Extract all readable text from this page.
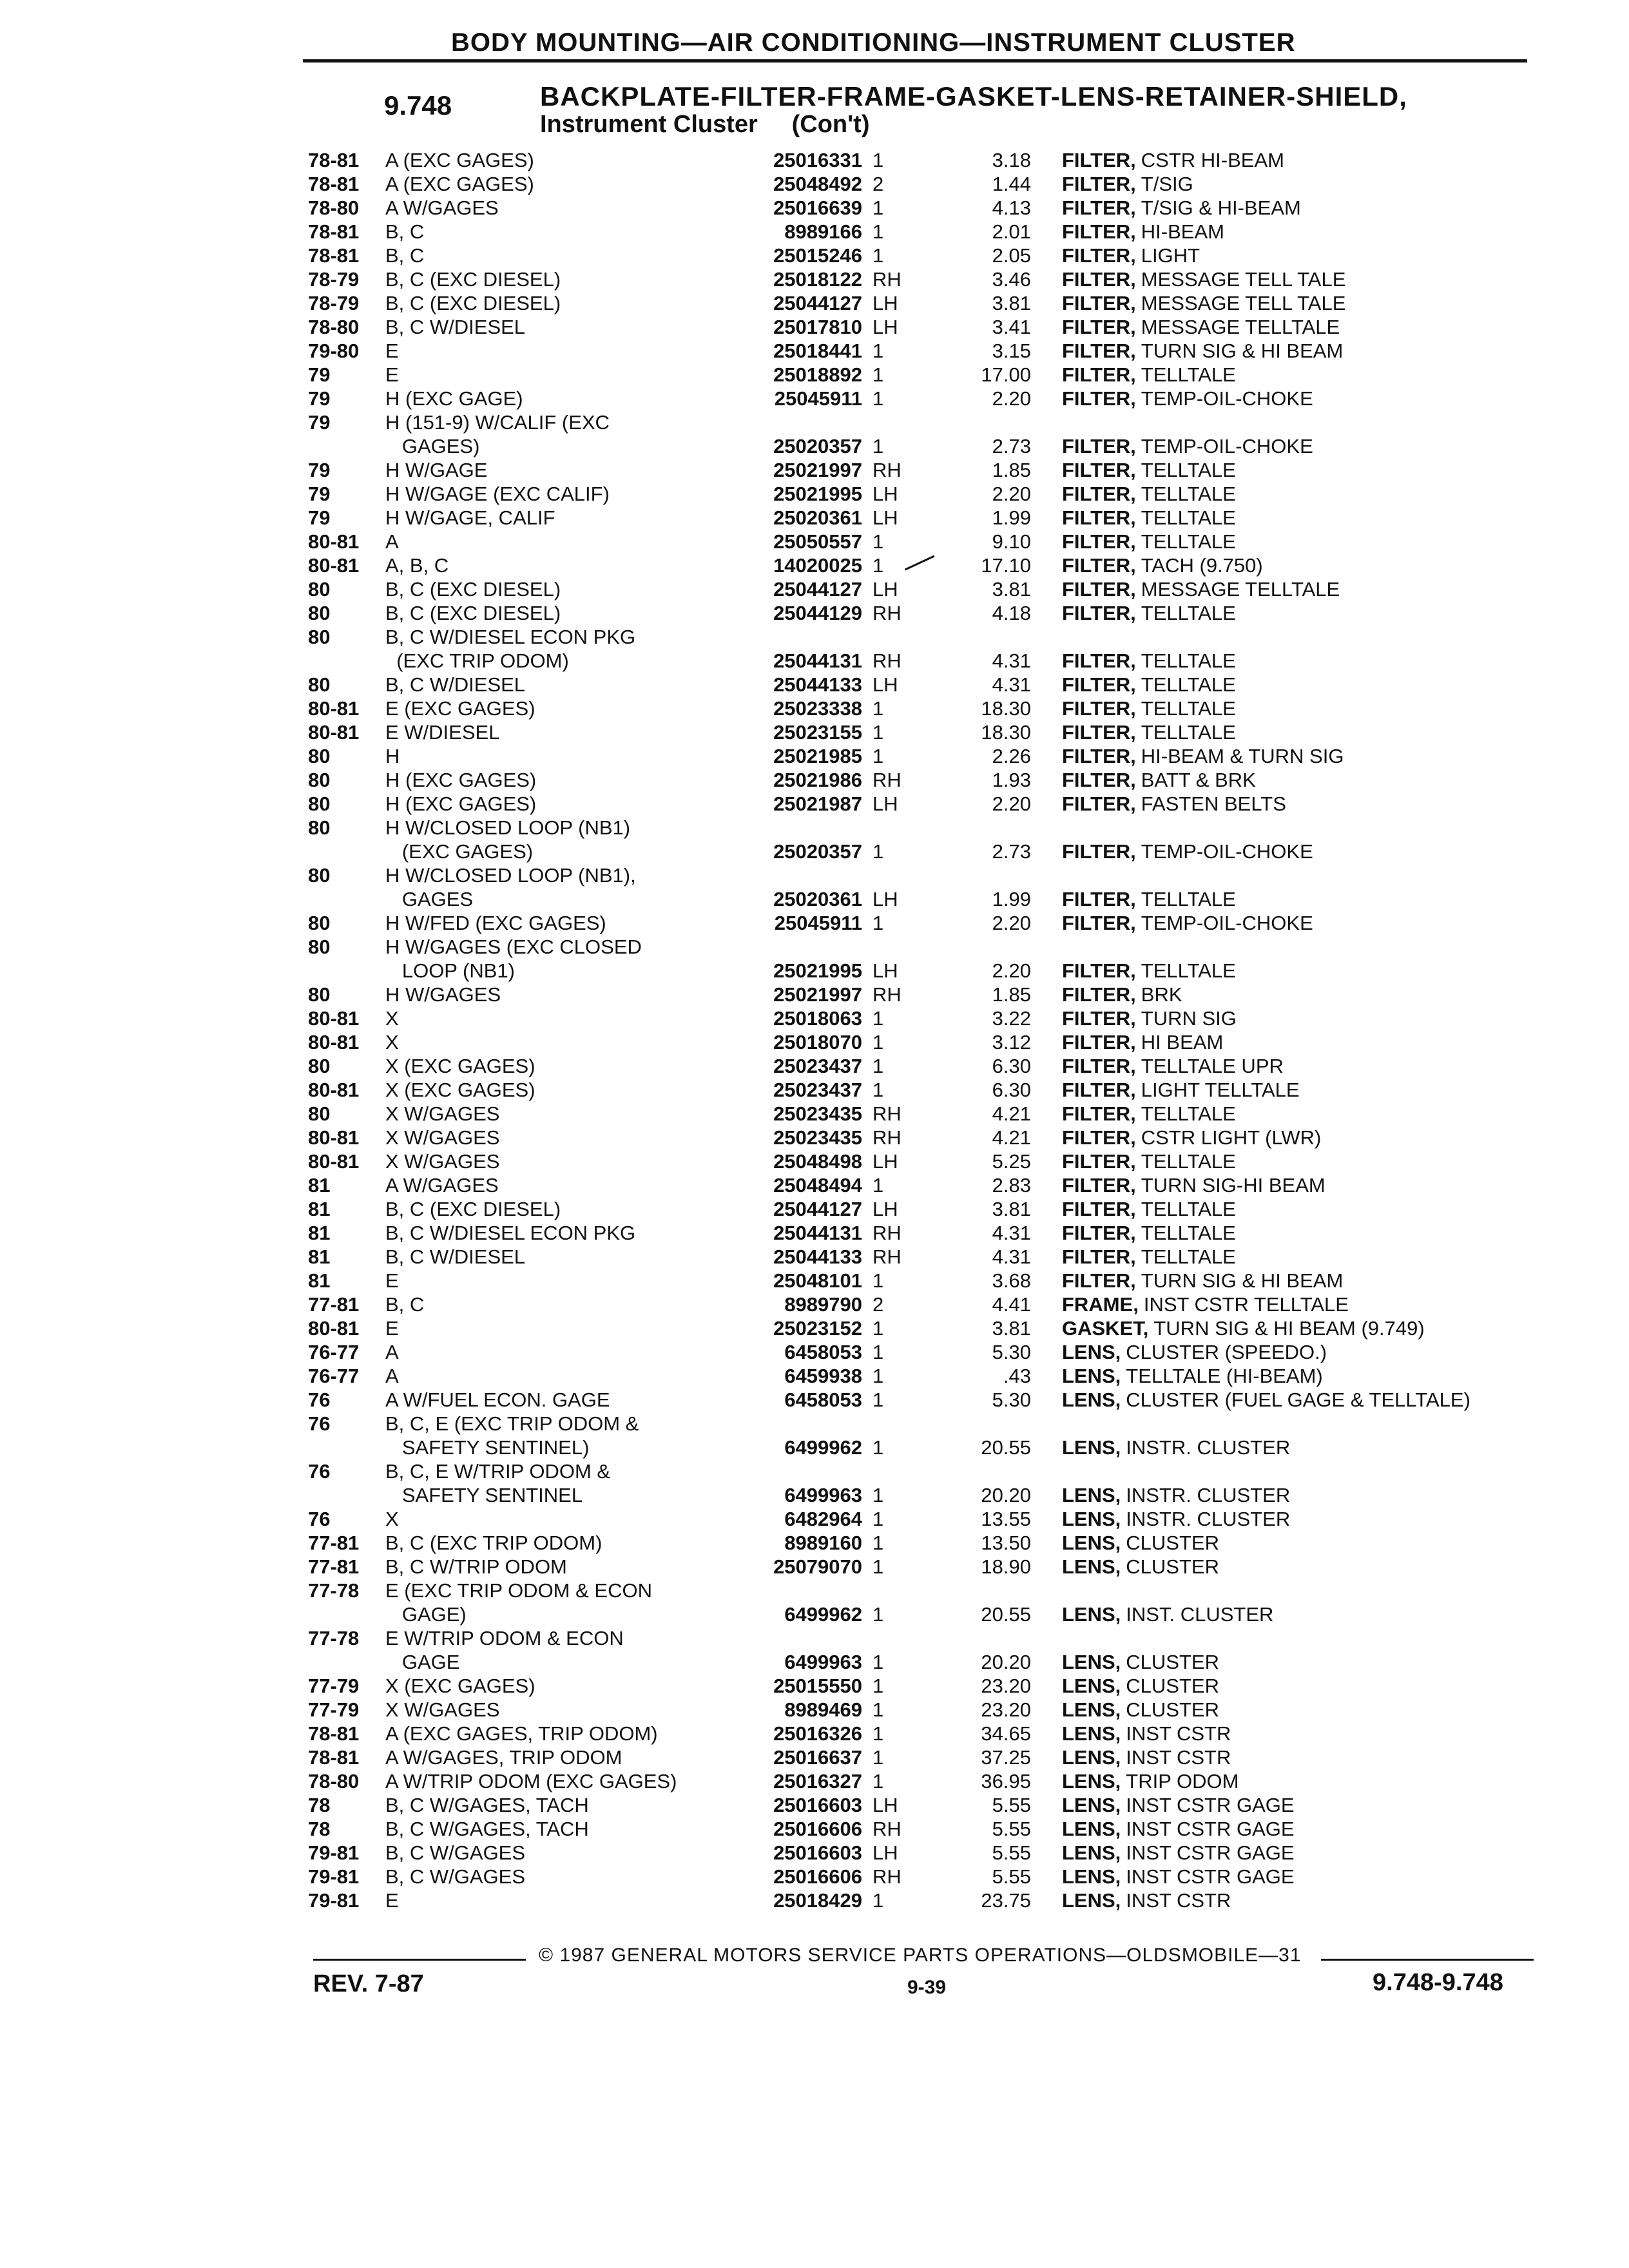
BODY MOUNTING—AIR CONDITIONING—INSTRUMENT CLUSTER
9.748	BACKPLATE-FILTER-FRAME-GASKET-LENS-RETAINER-SHIELD,
Instrument Cluster     (Con't)
78-81 A (EXC GAGES)	25016331 1	3.18 FILTER, CSTR HI-BEAM
78-81 A (EXC GAGES)	25048492 2	1.44 FILTER, T/SIG
78-80 A W/GAGES	25016639 1	4.13 FILTER, T/SIG & HI-BEAM
78-81 B, C	8989166 1	2.01 FILTER, HI-BEAM
78-81 B, C	25015246 1	2.05 FILTER, LIGHT
78-79 B, C (EXC DIESEL)	25018122 RH	3.46 FILTER, MESSAGE TELL TALE
78-79 B, C (EXC DIESEL)	25044127 LH	3.81 FILTER, MESSAGE TELL TALE
78-80 B, C W/DIESEL	25017810 LH	3.41 FILTER, MESSAGE TELLTALE
79-80 E	25018441 1	3.15 FILTER, TURN SIG & HI BEAM
79	E	25018892 1	17.00 FILTER, TELLTALE
79	H (EXC GAGE)	25045911 1	2.20 FILTER, TEMP-OIL-CHOKE
79	H (151-9) W/CALIF (EXC
GAGES)	25020357 1	2.73 FILTER, TEMP-OIL-CHOKE
79	H W/GAGE	25021997 RH	1.85 FILTER, TELLTALE
79	H W/GAGE (EXC CALIF)	25021995 LH	2.20 FILTER, TELLTALE
79	H W/GAGE, CALIF	25020361 LH	1.99 FILTER, TELLTALE
80-81 A	25050557 1	9.10 FILTER, TELLTALE
80-81 A, B, C	14020025 1	17.10 FILTER, TACH (9.750)
80	B, C (EXC DIESEL)	25044127 LH	3.81 FILTER, MESSAGE TELLTALE
80	B, C (EXC DIESEL)	25044129 RH	4.18 FILTER, TELLTALE
80	B, C W/DIESEL ECON PKG
(EXC TRIP ODOM)	25044131 RH	4.31 FILTER, TELLTALE
80	B, C W/DIESEL	25044133 LH	4.31 FILTER, TELLTALE
80-81 E (EXC GAGES)	25023338 1	18.30 FILTER, TELLTALE
80-81 E W/DIESEL	25023155 1	18.30 FILTER, TELLTALE
80	H	25021985 1	2.26 FILTER, HI-BEAM & TURN SIG
80	H (EXC GAGES)	25021986 RH	1.93 FILTER, BATT & BRK
80	H (EXC GAGES)	25021987 LH	2.20 FILTER, FASTEN BELTS
80	H W/CLOSED LOOP (NB1)
(EXC GAGES)	25020357 1	2.73 FILTER, TEMP-OIL-CHOKE
80	H W/CLOSED LOOP (NB1),
GAGES	25020361 LH	1.99 FILTER, TELLTALE
80	H W/FED (EXC GAGES)	25045911 1	2.20 FILTER, TEMP-OIL-CHOKE
80	H W/GAGES (EXC CLOSED
LOOP (NB1)	25021995 LH	2.20 FILTER, TELLTALE
80	H W/GAGES	25021997 RH	1.85 FILTER, BRK
80-81 X	25018063 1	3.22 FILTER, TURN SIG
80-81 X	25018070 1	3.12 FILTER, HI BEAM
80	X (EXC GAGES)	25023437 1	6.30 FILTER, TELLTALE UPR
80-81 X (EXC GAGES)	25023437 1	6.30 FILTER, LIGHT TELLTALE
80	X W/GAGES	25023435 RH	4.21 FILTER, TELLTALE
80-81 X W/GAGES	25023435 RH	4.21 FILTER, CSTR LIGHT (LWR)
80-81 X W/GAGES	25048498 LH	5.25 FILTER, TELLTALE
81	A W/GAGES	25048494 1	2.83 FILTER, TURN SIG-HI BEAM
81	B, C (EXC DIESEL)	25044127 LH	3.81 FILTER, TELLTALE
81	B, C W/DIESEL ECON PKG	25044131 RH	4.31 FILTER, TELLTALE
81	B, C W/DIESEL	25044133 RH	4.31 FILTER, TELLTALE
81	E	25048101 1	3.68 FILTER, TURN SIG & HI BEAM
77-81 B, C	8989790 2	4.41 FRAME, INST CSTR TELLTALE
80-81 E	25023152 1	3.81 GASKET, TURN SIG & HI BEAM (9.749)
76-77 A	6458053 1	5.30 LENS, CLUSTER (SPEEDO.)
76-77 A	6459938 1	.43 LENS, TELLTALE (HI-BEAM)
76	A W/FUEL ECON. GAGE	6458053 1	5.30 LENS, CLUSTER (FUEL GAGE & TELLTALE)
76	B, C, E (EXC TRIP ODOM &
SAFETY SENTINEL)	6499962 1	20.55 LENS, INSTR. CLUSTER
76	B, C, E W/TRIP ODOM &
SAFETY SENTINEL	6499963 1	20.20 LENS, INSTR. CLUSTER
76	X	6482964 1	13.55 LENS, INSTR. CLUSTER
77-81 B, C (EXC TRIP ODOM)	8989160 1	13.50 LENS, CLUSTER
77-81 B, C W/TRIP ODOM	25079070 1	18.90 LENS, CLUSTER
77-78 E (EXC TRIP ODOM & ECON
GAGE)	6499962 1	20.55 LENS, INST. CLUSTER
77-78 E W/TRIP ODOM & ECON
GAGE	6499963 1	20.20 LENS, CLUSTER
77-79 X (EXC GAGES)	25015550 1	23.20 LENS, CLUSTER
77-79 X W/GAGES	8989469 1	23.20 LENS, CLUSTER
78-81 A (EXC GAGES, TRIP ODOM)	25016326 1	34.65 LENS, INST CSTR
78-81 A W/GAGES, TRIP ODOM	25016637 1	37.25 LENS, INST CSTR
78-80 A W/TRIP ODOM (EXC GAGES)	25016327 1	36.95 LENS, TRIP ODOM
78	B, C W/GAGES, TACH	25016603 LH	5.55 LENS, INST CSTR GAGE
78	B, C W/GAGES, TACH	25016606 RH	5.55 LENS, INST CSTR GAGE
79-81 B, C W/GAGES	25016603 LH	5.55 LENS, INST CSTR GAGE
79-81 B, C W/GAGES	25016606 RH	5.55 LENS, INST CSTR GAGE
79-81 E	25018429 1	23.75 LENS, INST CSTR
© 1987 GENERAL MOTORS SERVICE PARTS OPERATIONS—OLDSMOBILE—31
REV. 7-87	9-39	9.748-9.748
